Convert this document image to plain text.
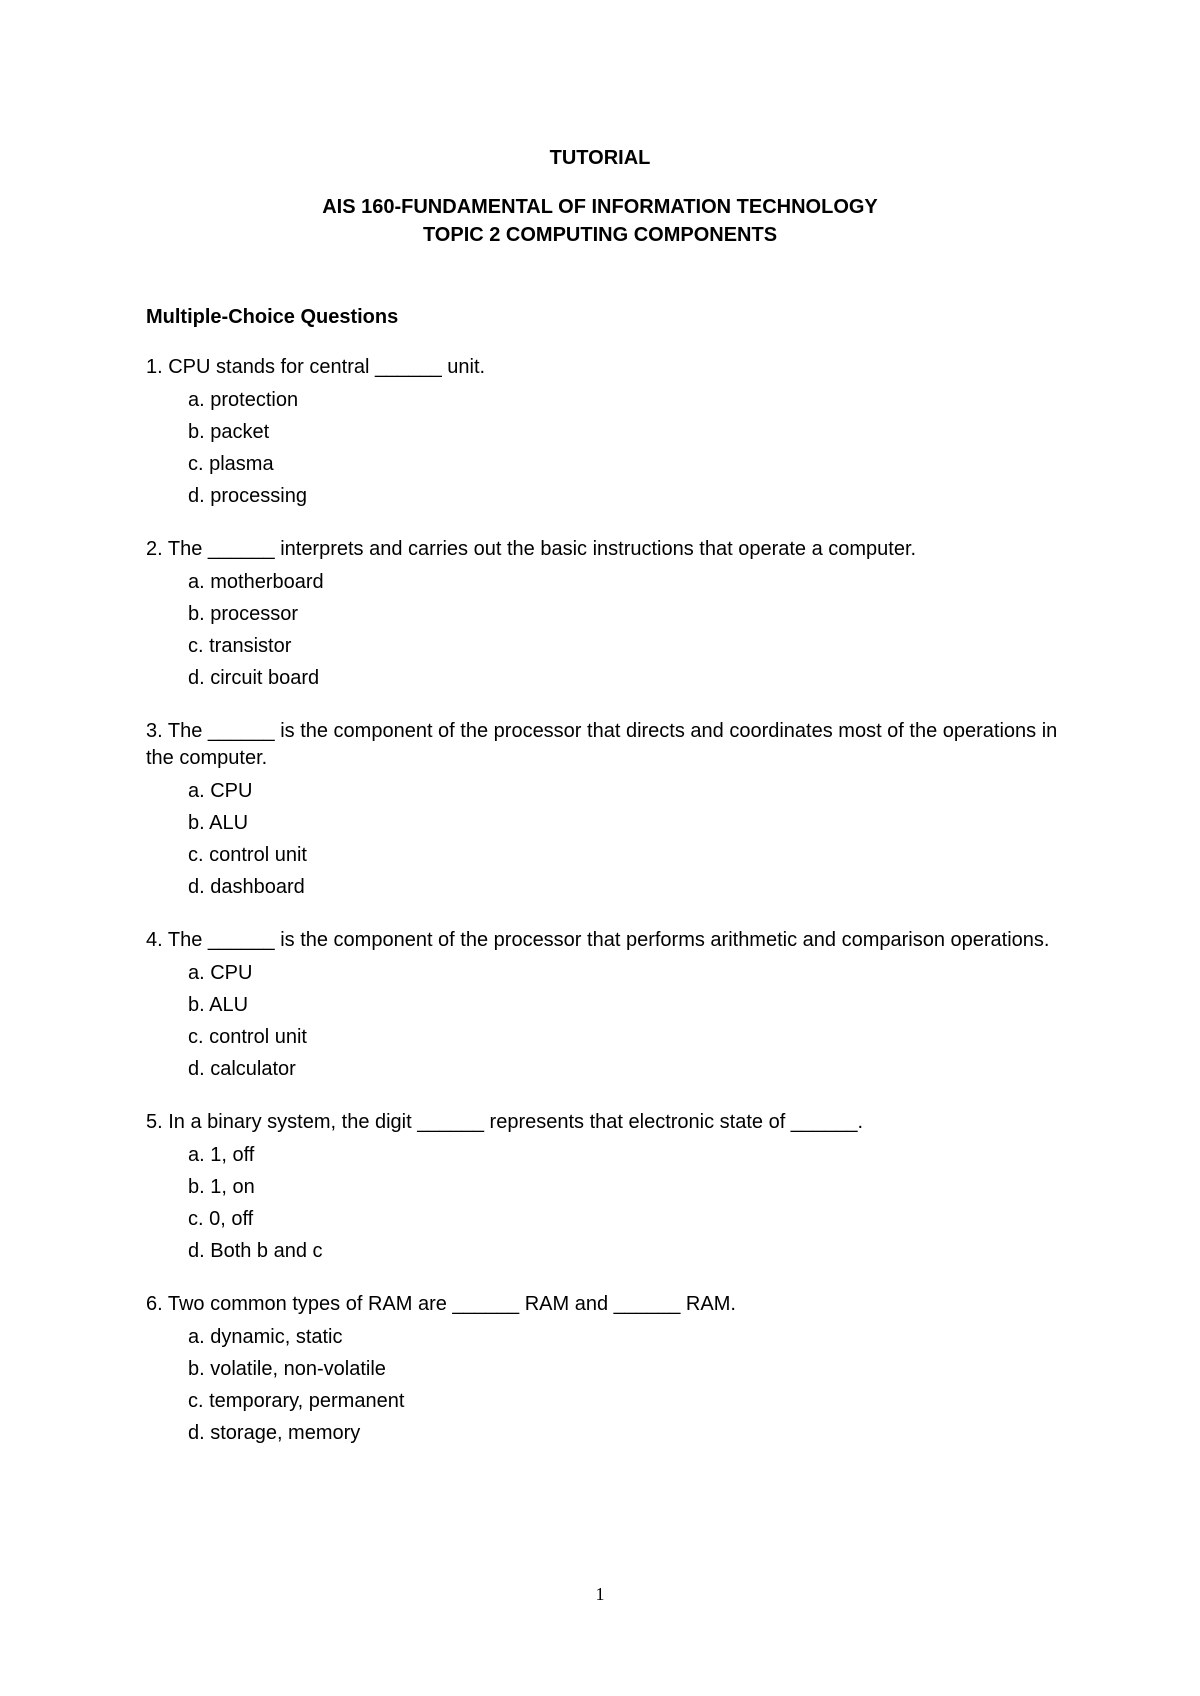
TUTORIAL
AIS 160-FUNDAMENTAL OF INFORMATION TECHNOLOGY
TOPIC 2 COMPUTING COMPONENTS
Multiple-Choice Questions
1. CPU stands for central ______ unit.
a. protection
b. packet
c. plasma
d. processing
2. The ______ interprets and carries out the basic instructions that operate a computer.
a. motherboard
b. processor
c. transistor
d. circuit board
3. The ______ is the component of the processor that directs and coordinates most of the operations in the computer.
a. CPU
b. ALU
c. control unit
d. dashboard
4. The ______ is the component of the processor that performs arithmetic and comparison operations.
a. CPU
b. ALU
c. control unit
d. calculator
5. In a binary system, the digit ______ represents that electronic state of ______.
a. 1, off
b. 1, on
c. 0, off
d. Both b and c
6. Two common types of RAM are ______ RAM and ______ RAM.
a. dynamic, static
b. volatile, non-volatile
c. temporary, permanent
d. storage, memory
1
